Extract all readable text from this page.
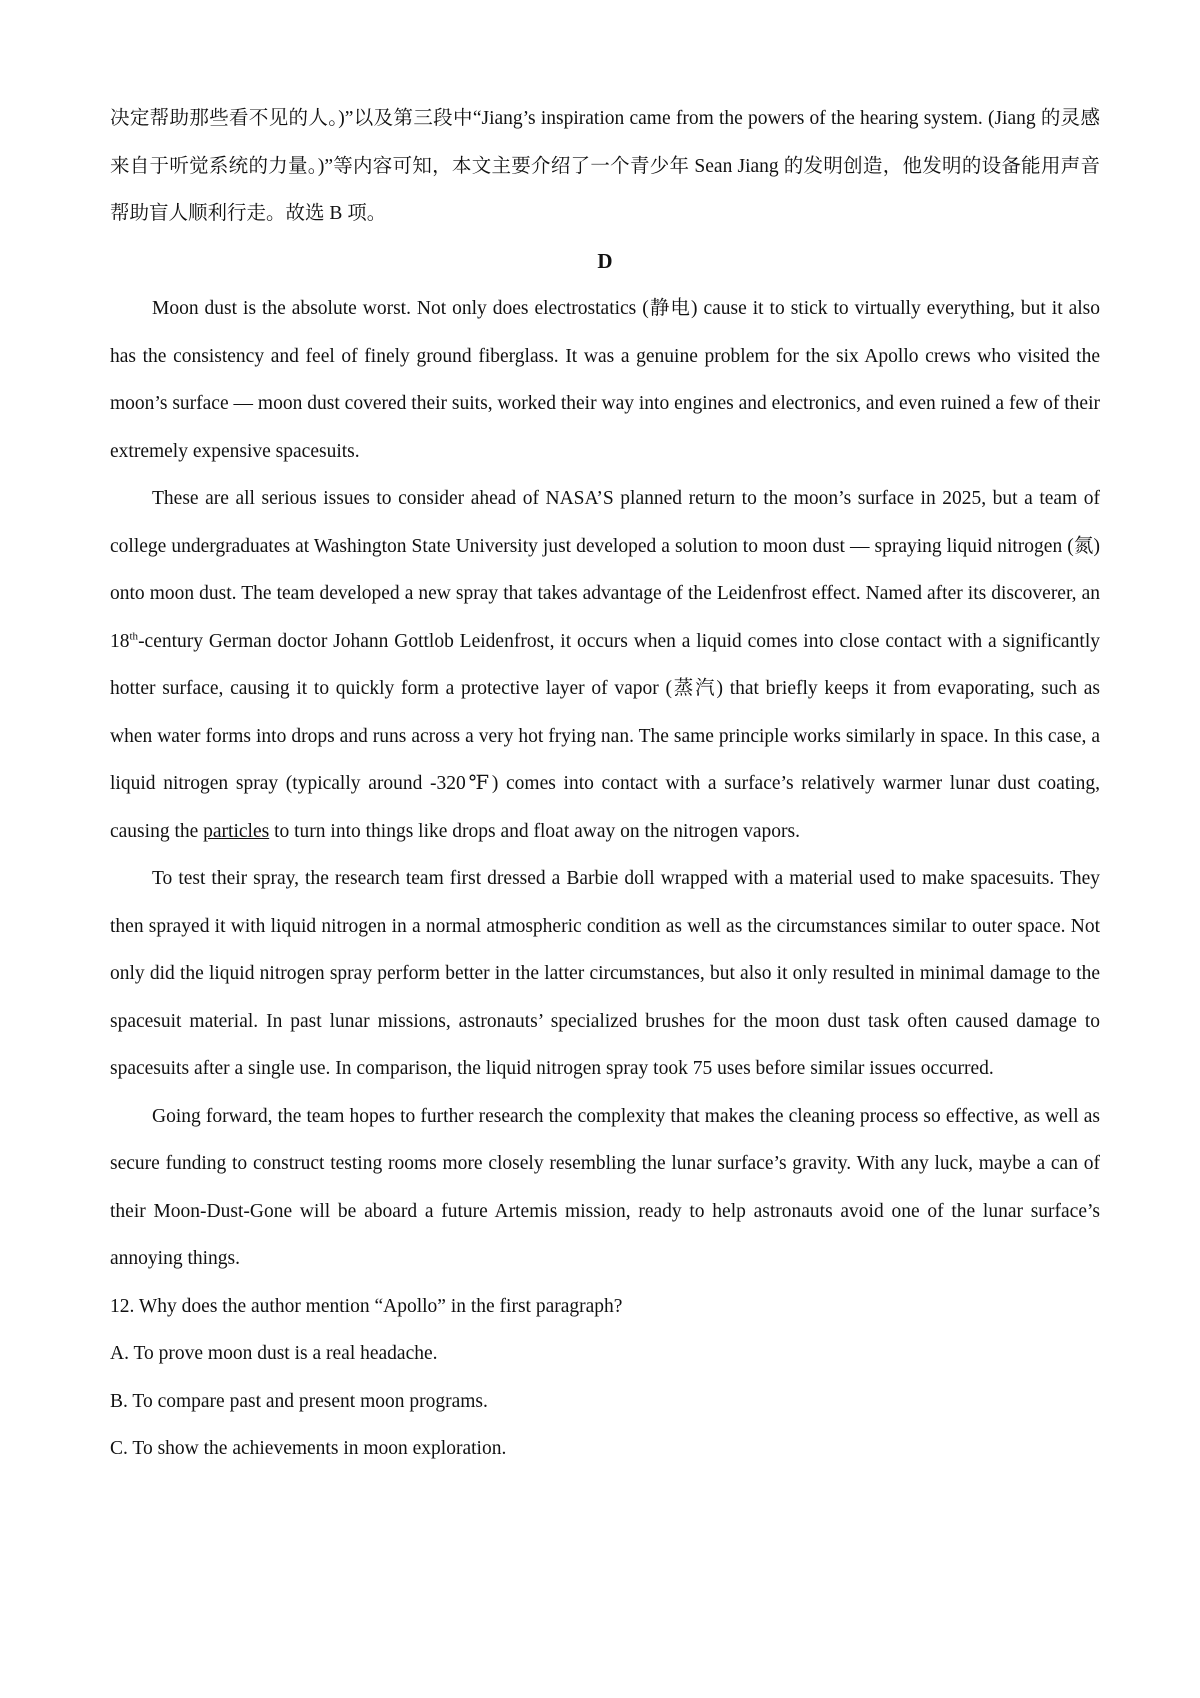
决定帮助那些看不见的人。)”以及第三段中“Jiang’s inspiration came from the powers of the hearing system. (Jiang 的灵感来自于听觉系统的力量。)”等内容可知，本文主要介绍了一个青少年 Sean Jiang 的发明创造，他发明的设备能用声音帮助盲人顺利行走。故选 B 项。

D

Moon dust is the absolute worst. Not only does electrostatics (静电) cause it to stick to virtually everything, but it also has the consistency and feel of finely ground fiberglass. It was a genuine problem for the six Apollo crews who visited the moon’s surface — moon dust covered their suits, worked their way into engines and electronics, and even ruined a few of their extremely expensive spacesuits.

These are all serious issues to consider ahead of NASA’S planned return to the moon’s surface in 2025, but a team of college undergraduates at Washington State University just developed a solution to moon dust — spraying liquid nitrogen (氮) onto moon dust. The team developed a new spray that takes advantage of the Leidenfrost effect. Named after its discoverer, an 18th-century German doctor Johann Gottlob Leidenfrost, it occurs when a liquid comes into close contact with a significantly hotter surface, causing it to quickly form a protective layer of vapor (蒸汽) that briefly keeps it from evaporating, such as when water forms into drops and runs across a very hot frying nan. The same principle works similarly in space. In this case, a liquid nitrogen spray (typically around -320℉) comes into contact with a surface’s relatively warmer lunar dust coating, causing the particles to turn into things like drops and float away on the nitrogen vapors.

To test their spray, the research team first dressed a Barbie doll wrapped with a material used to make spacesuits. They then sprayed it with liquid nitrogen in a normal atmospheric condition as well as the circumstances similar to outer space. Not only did the liquid nitrogen spray perform better in the latter circumstances, but also it only resulted in minimal damage to the spacesuit material. In past lunar missions, astronauts’ specialized brushes for the moon dust task often caused damage to spacesuits after a single use. In comparison, the liquid nitrogen spray took 75 uses before similar issues occurred.

Going forward, the team hopes to further research the complexity that makes the cleaning process so effective, as well as secure funding to construct testing rooms more closely resembling the lunar surface’s gravity. With any luck, maybe a can of their Moon-Dust-Gone will be aboard a future Artemis mission, ready to help astronauts avoid one of the lunar surface’s annoying things.

12. Why does the author mention “Apollo” in the first paragraph?

A. To prove moon dust is a real headache.

B. To compare past and present moon programs.

C. To show the achievements in moon exploration.
